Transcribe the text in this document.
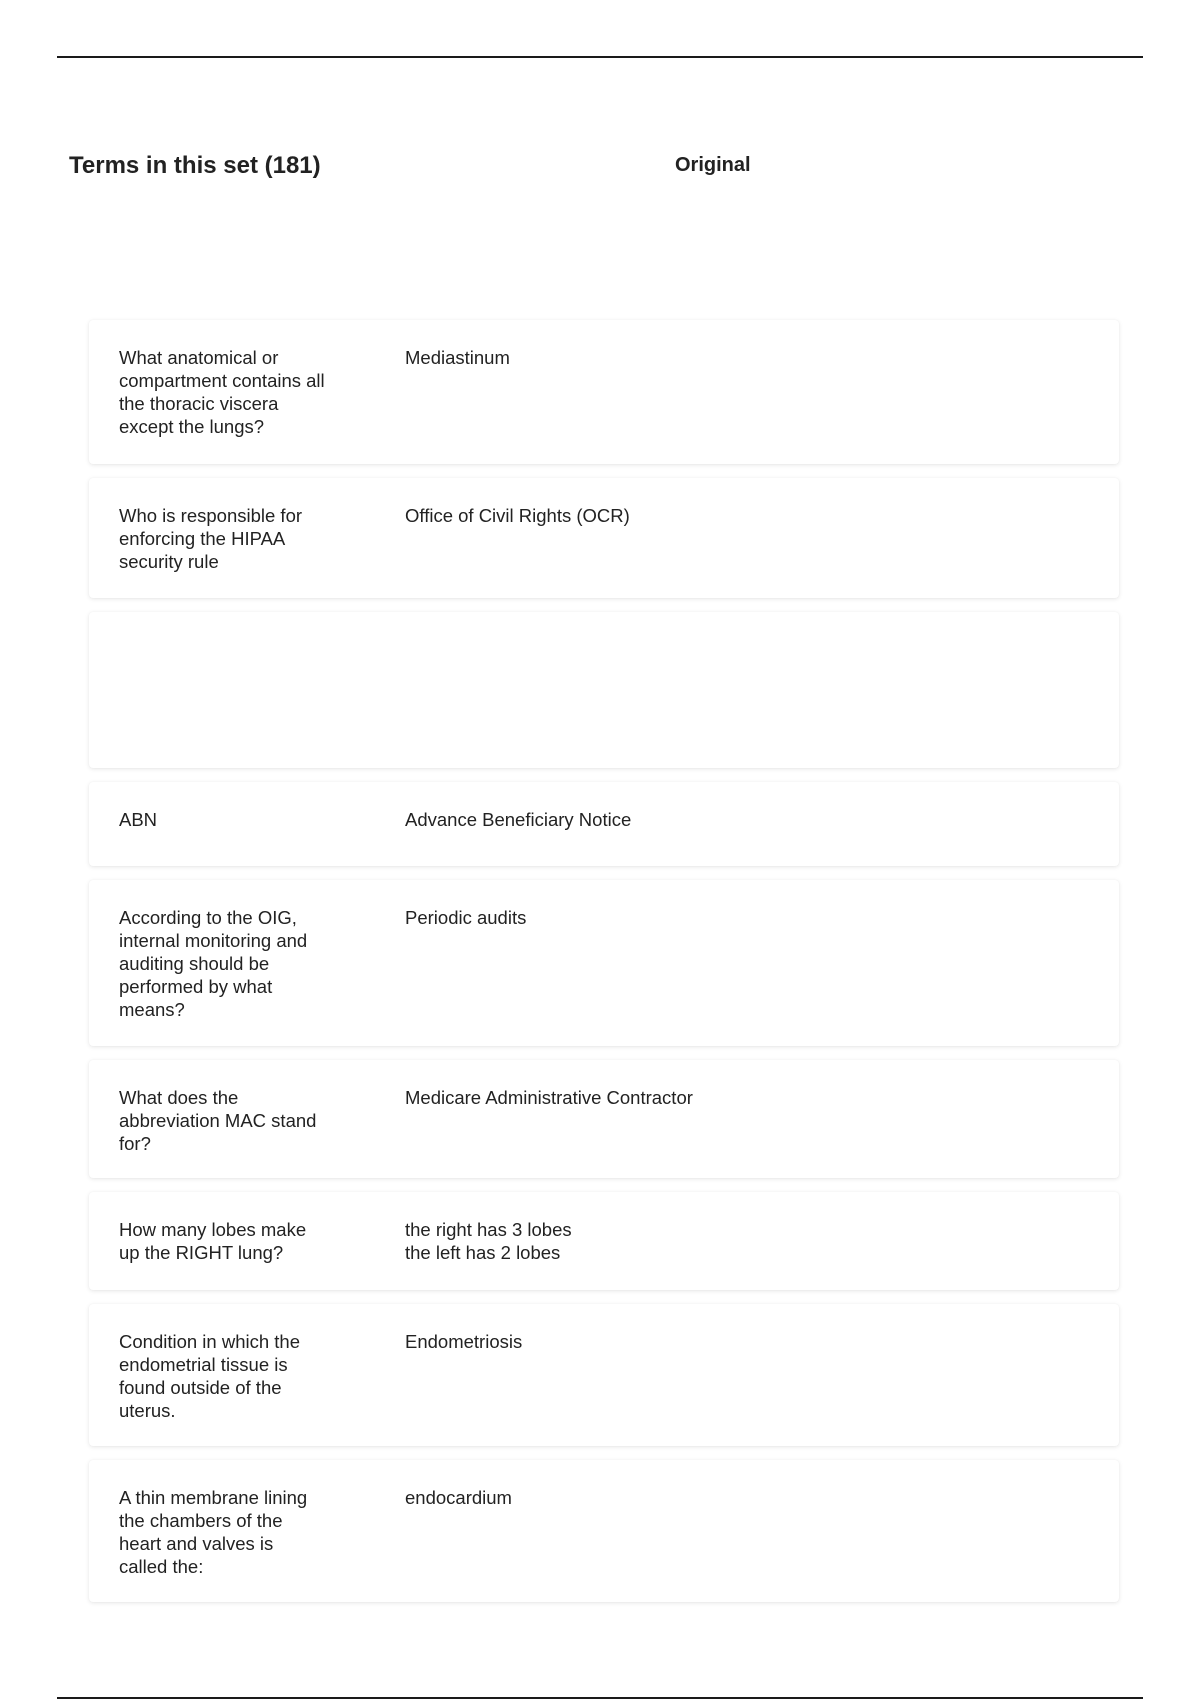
Terms in this set (181)	Original
What anatomical or
compartment contains all
the thoracic viscera
except the lungs?
Mediastinum
Who is responsible for
enforcing the HIPAA
security rule
Office of Civil Rights (OCR)
ABN	Advance Beneficiary Notice
According to the OIG,
internal monitoring and
auditing should be
performed by what
means?
Periodic audits
What does the
abbreviation MAC stand
for?
Medicare Administrative Contractor
How many lobes make
up the RIGHT lung?
the right has 3 lobes
the left has 2 lobes
Condition in which the
endometrial tissue is
found outside of the
uterus.
Endometriosis
A thin membrane lining
the chambers of the
heart and valves is
called the:
endocardium
